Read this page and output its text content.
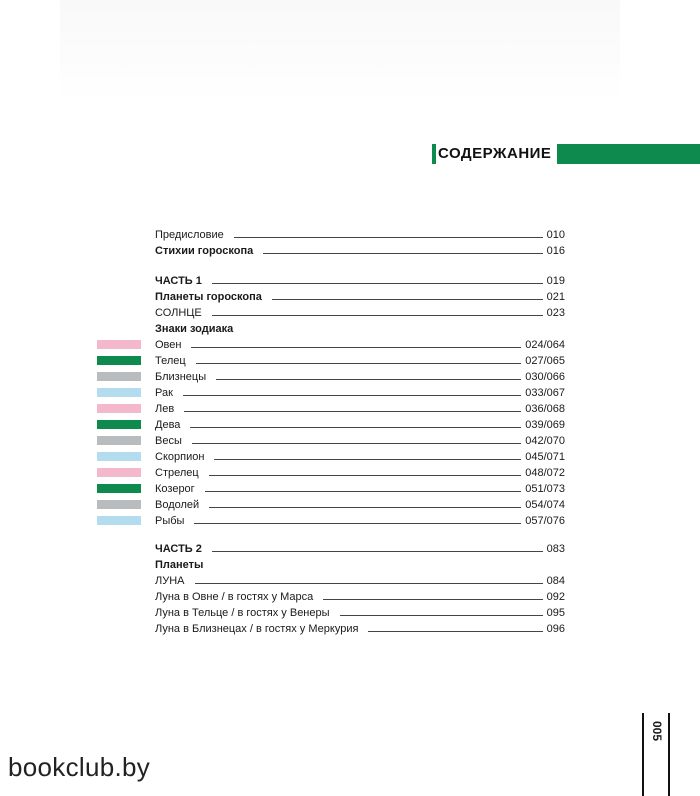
СОДЕРЖАНИЕ
Предисловие	010
Стихии гороскопа	016
ЧАСТЬ 1	019
Планеты гороскопа	021
СОЛНЦЕ	023
Знаки зодиака
Овен	024/064
Телец	027/065
Близнецы	030/066
Рак	033/067
Лев	036/068
Дева	039/069
Весы	042/070
Скорпион	045/071
Стрелец	048/072
Козерог	051/073
Водолей	054/074
Рыбы	057/076
ЧАСТЬ 2	083
Планеты
ЛУНА	084
Луна в Овне / в гостях у Марса	092
Луна в Тельце / в гостях у Венеры	095
Луна в Близнецах / в гостях у Меркурия	096
005
bookclub.by
